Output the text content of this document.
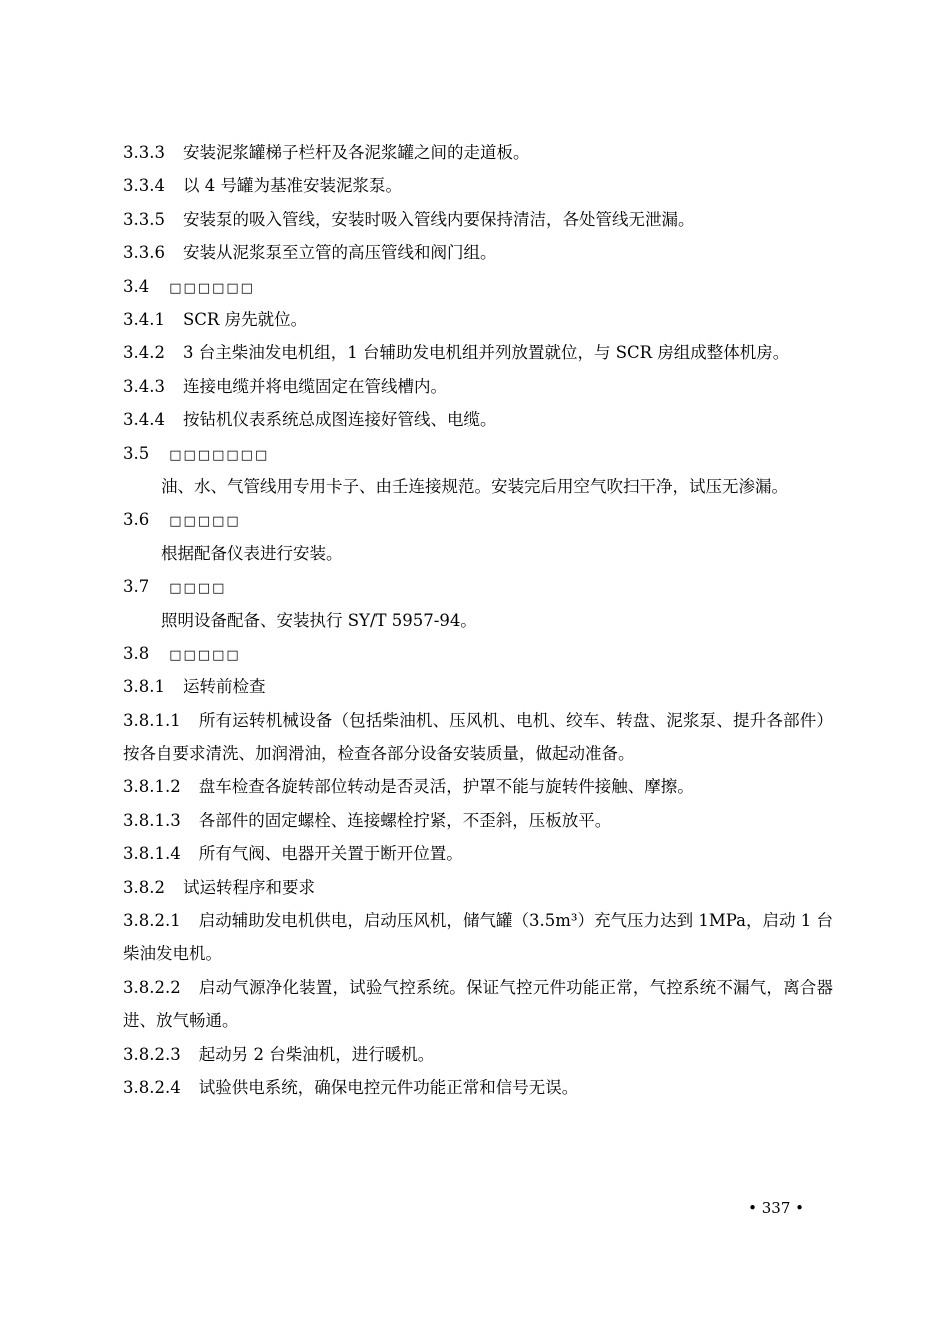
3.3.3 安装泥浆罐梯子栏杆及各泥浆罐之间的走道板。
3.3.4 以 4 号罐为基准安装泥浆泵。
3.3.5 安装泵的吸入管线，安装时吸入管线内要保持清洁，各处管线无泄漏。
3.3.6 安装从泥浆泵至立管的高压管线和阀门组。
3.4 □□□□□□
3.4.1 SCR 房先就位。
3.4.2 3 台主柴油发电机组，1 台辅助发电机组并列放置就位，与 SCR 房组成整体机房。
3.4.3 连接电缆并将电缆固定在管线槽内。
3.4.4 按钻机仪表系统总成图连接好管线、电缆。
3.5 □□□□□□□
油、水、气管线用专用卡子、由壬连接规范。安装完后用空气吹扫干净，试压无渗漏。
3.6 □□□□□
根据配备仪表进行安装。
3.7 □□□□
照明设备配备、安装执行 SY/T 5957-94。
3.8 □□□□□
3.8.1 运转前检查
3.8.1.1 所有运转机械设备（包括柴油机、压风机、电机、绞车、转盘、泥浆泵、提升各部件）按各自要求清洗、加润滑油，检查各部分设备安装质量，做起动准备。
3.8.1.2 盘车检查各旋转部位转动是否灵活，护罩不能与旋转件接触、摩擦。
3.8.1.3 各部件的固定螺栓、连接螺栓拧紧，不歪斜，压板放平。
3.8.1.4 所有气阀、电器开关置于断开位置。
3.8.2 试运转程序和要求
3.8.2.1 启动辅助发电机供电，启动压风机，储气罐（3.5m³）充气压力达到 1MPa，启动 1 台柴油发电机。
3.8.2.2 启动气源净化装置，试验气控系统。保证气控元件功能正常，气控系统不漏气，离合器进、放气畅通。
3.8.2.3 起动另 2 台柴油机，进行暖机。
3.8.2.4 试验供电系统，确保电控元件功能正常和信号无误。
• 337 •
